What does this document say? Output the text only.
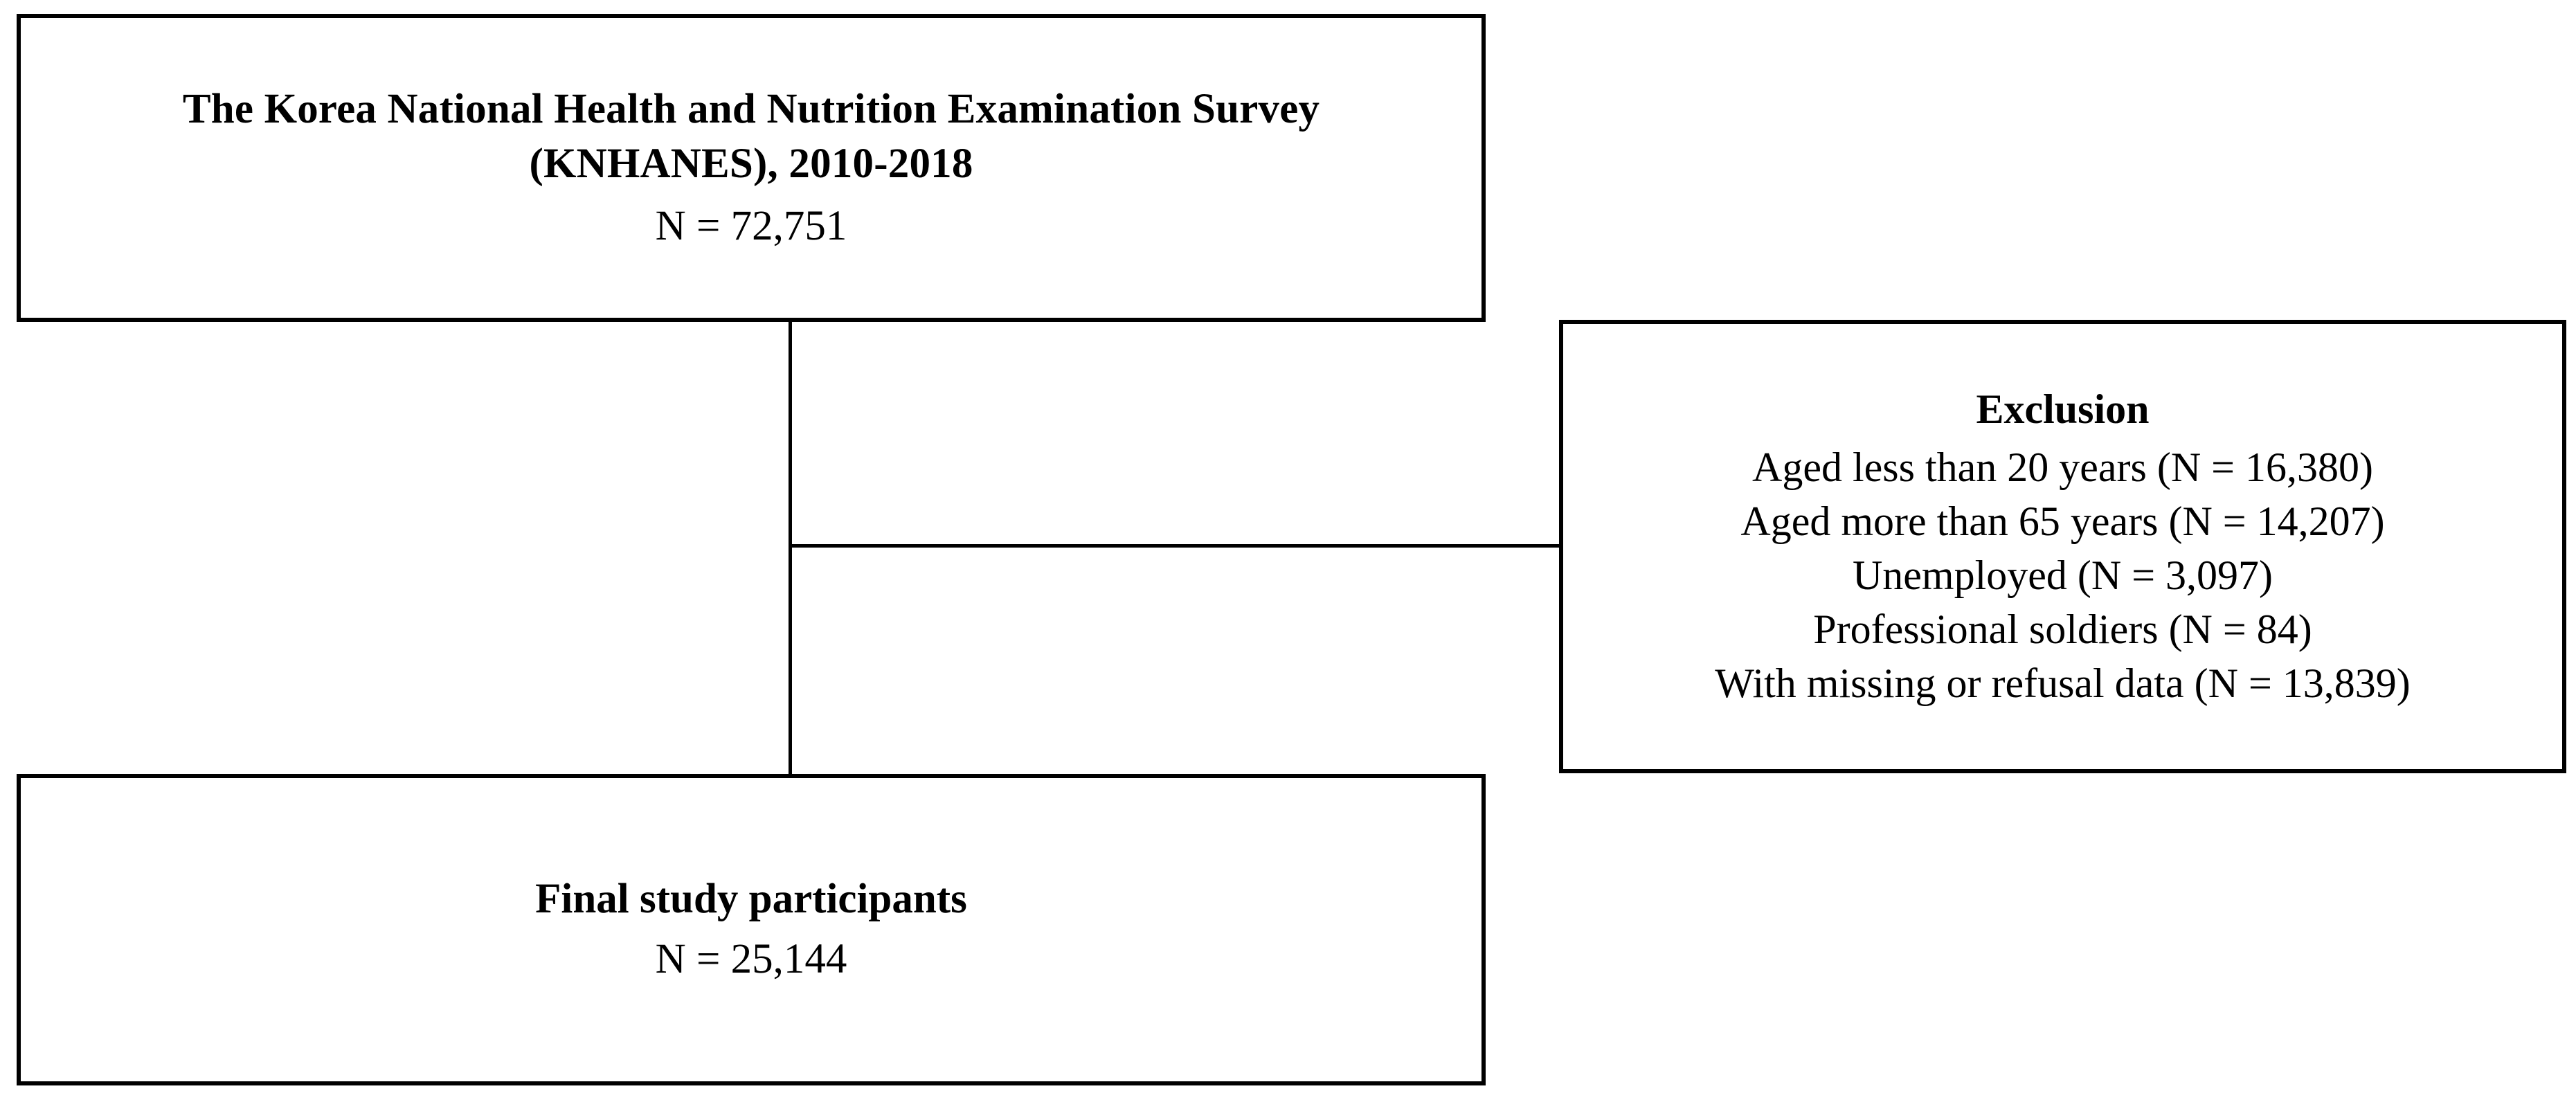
The Korea National Health and Nutrition Examination Survey
(KNHANES), 2010-2018
N = 72,751
Exclusion
Aged less than 20 years (N = 16,380)
Aged more than 65 years (N = 14,207)
Unemployed (N = 3,097)
Professional soldiers (N = 84)
With missing or refusal data (N = 13,839)
Final study participants
N = 25,144
